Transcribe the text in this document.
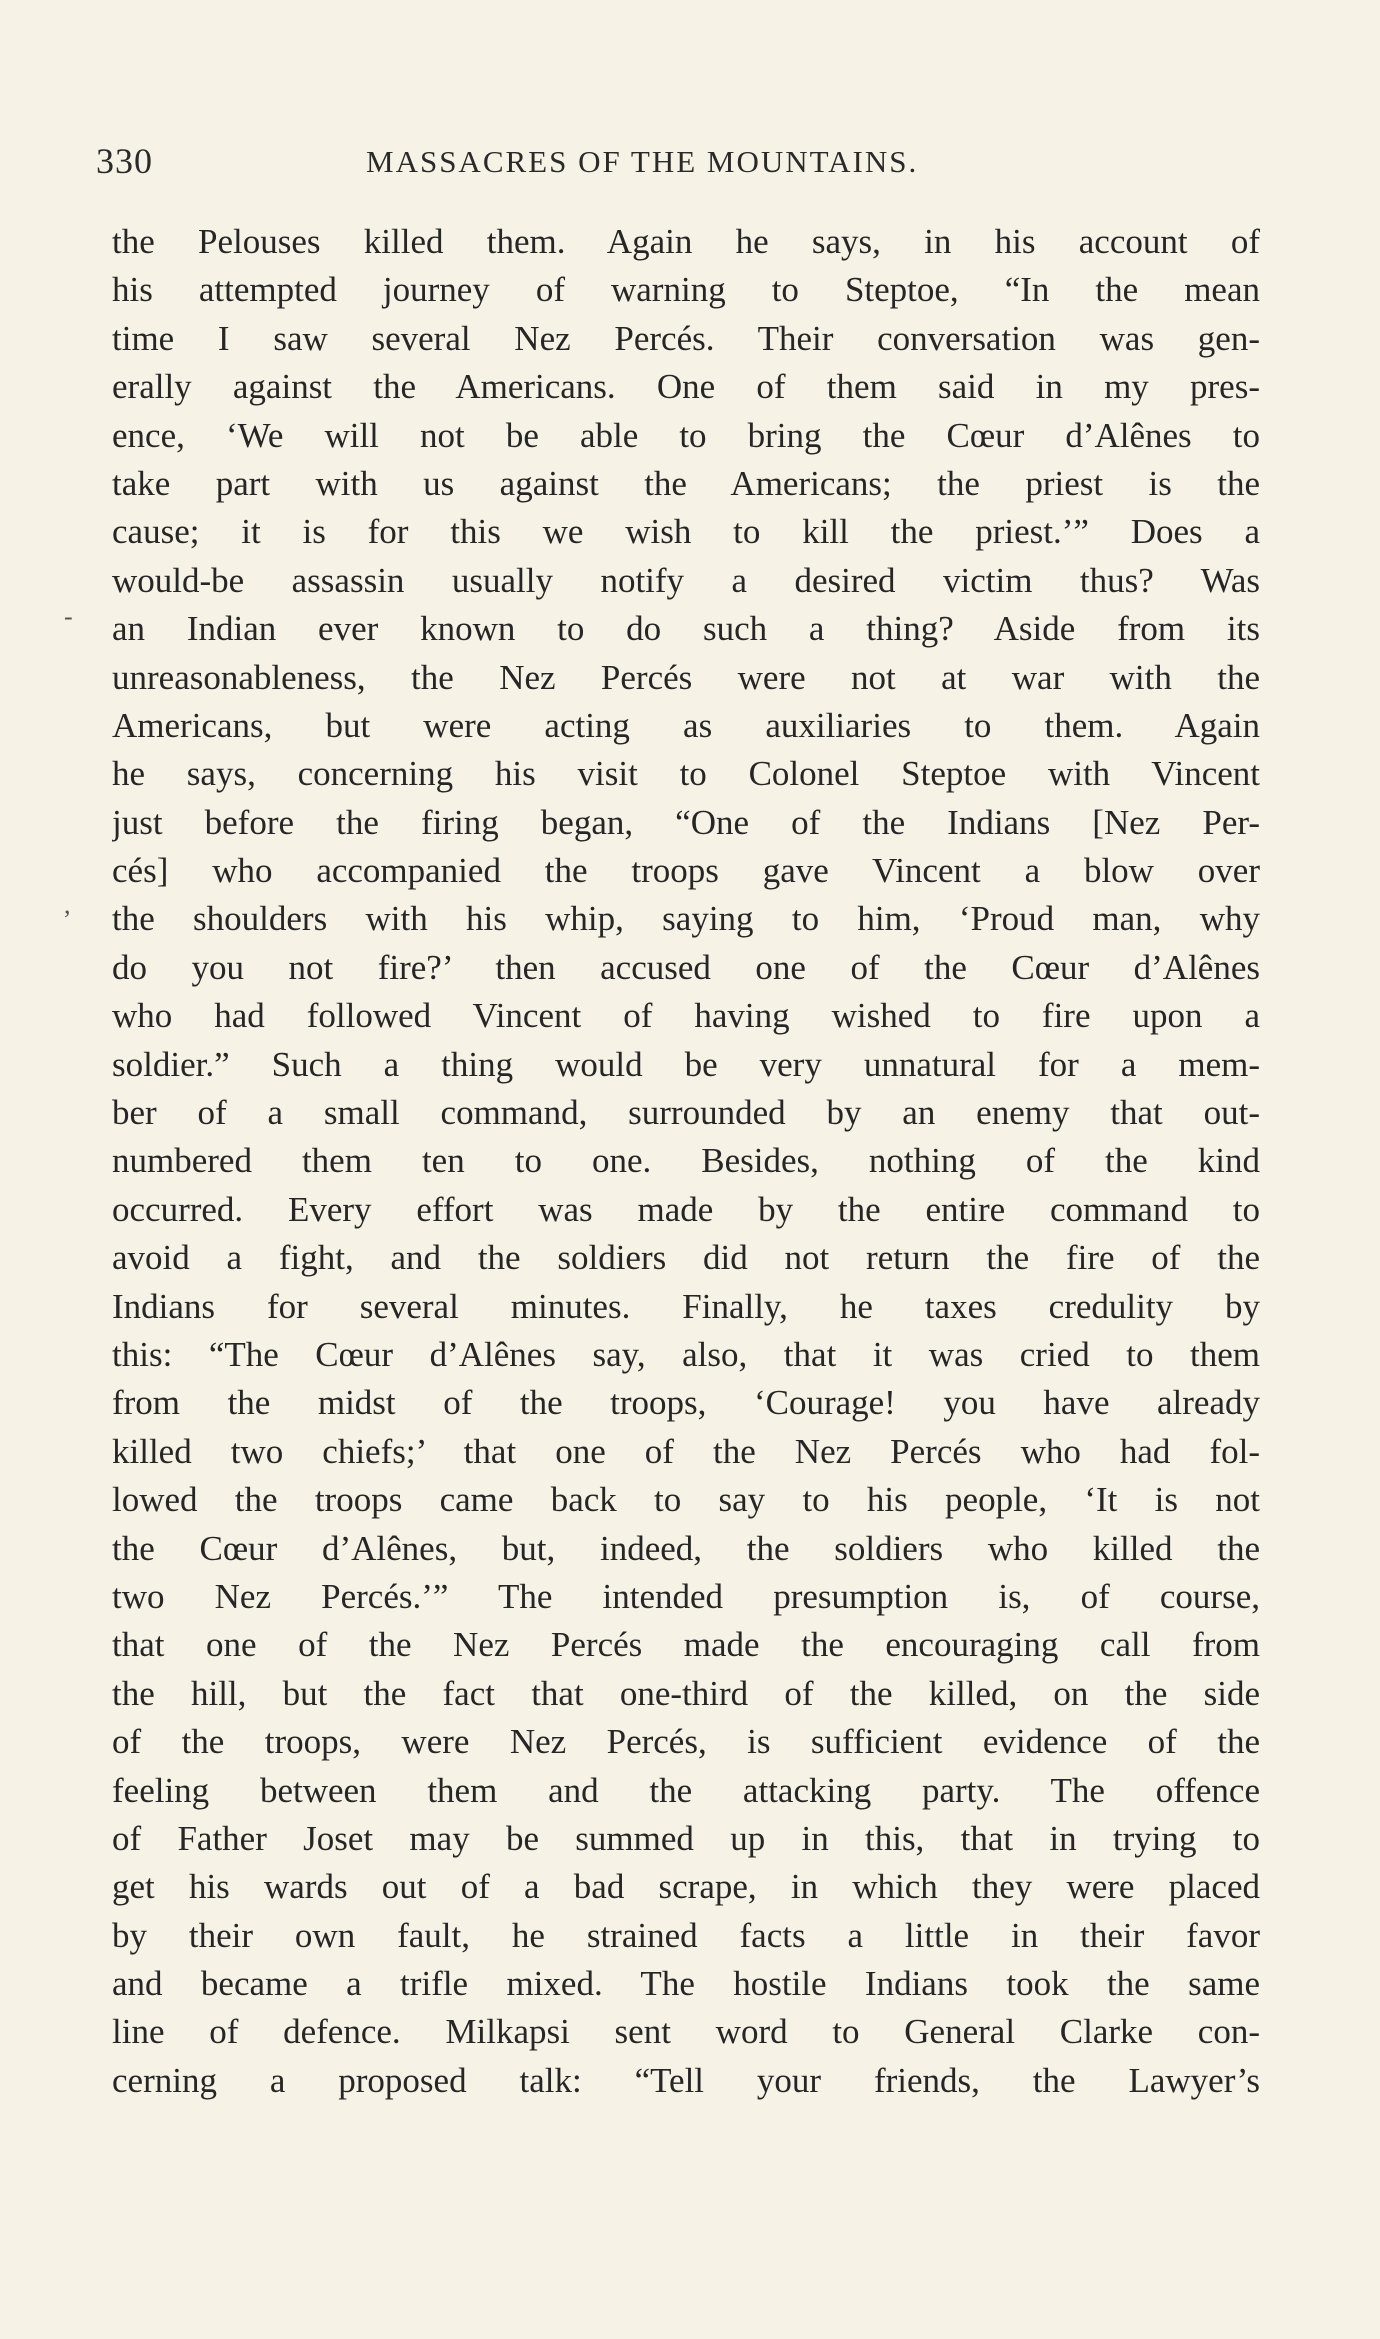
330	MASSACRES OF THE MOUNTAINS.
-
,
the Pelouses killed them. Again he says, in his account of
his attempted journey of warning to Steptoe, “In the mean
time I saw several Nez Percés. Their conversation was gen-
erally against the Americans. One of them said in my pres-
ence, ‘We will not be able to bring the Cœur d’Alênes to
take part with us against the Americans; the priest is the
cause; it is for this we wish to kill the priest.’” Does a
would-be assassin usually notify a desired victim thus? Was
an Indian ever known to do such a thing? Aside from its
unreasonableness, the Nez Percés were not at war with the
Americans, but were acting as auxiliaries to them. Again
he says, concerning his visit to Colonel Steptoe with Vincent
just before the firing began, “One of the Indians [Nez Per-
cés] who accompanied the troops gave Vincent a blow over
the shoulders with his whip, saying to him, ‘Proud man, why
do you not fire?’ then accused one of the Cœur d’Alênes
who had followed Vincent of having wished to fire upon a
soldier.” Such a thing would be very unnatural for a mem-
ber of a small command, surrounded by an enemy that out-
numbered them ten to one. Besides, nothing of the kind
occurred. Every effort was made by the entire command to
avoid a fight, and the soldiers did not return the fire of the
Indians for several minutes. Finally, he taxes credulity by
this: “The Cœur d’Alênes say, also, that it was cried to them
from the midst of the troops, ‘Courage! you have already
killed two chiefs;’ that one of the Nez Percés who had fol-
lowed the troops came back to say to his people, ‘It is not
the Cœur d’Alênes, but, indeed, the soldiers who killed the
two Nez Percés.’” The intended presumption is, of course,
that one of the Nez Percés made the encouraging call from
the hill, but the fact that one-third of the killed, on the side
of the troops, were Nez Percés, is sufficient evidence of the
feeling between them and the attacking party. The offence
of Father Joset may be summed up in this, that in trying to
get his wards out of a bad scrape, in which they were placed
by their own fault, he strained facts a little in their favor
and became a trifle mixed. The hostile Indians took the same
line of defence. Milkapsi sent word to General Clarke con-
cerning a proposed talk: “Tell your friends, the Lawyer’s
